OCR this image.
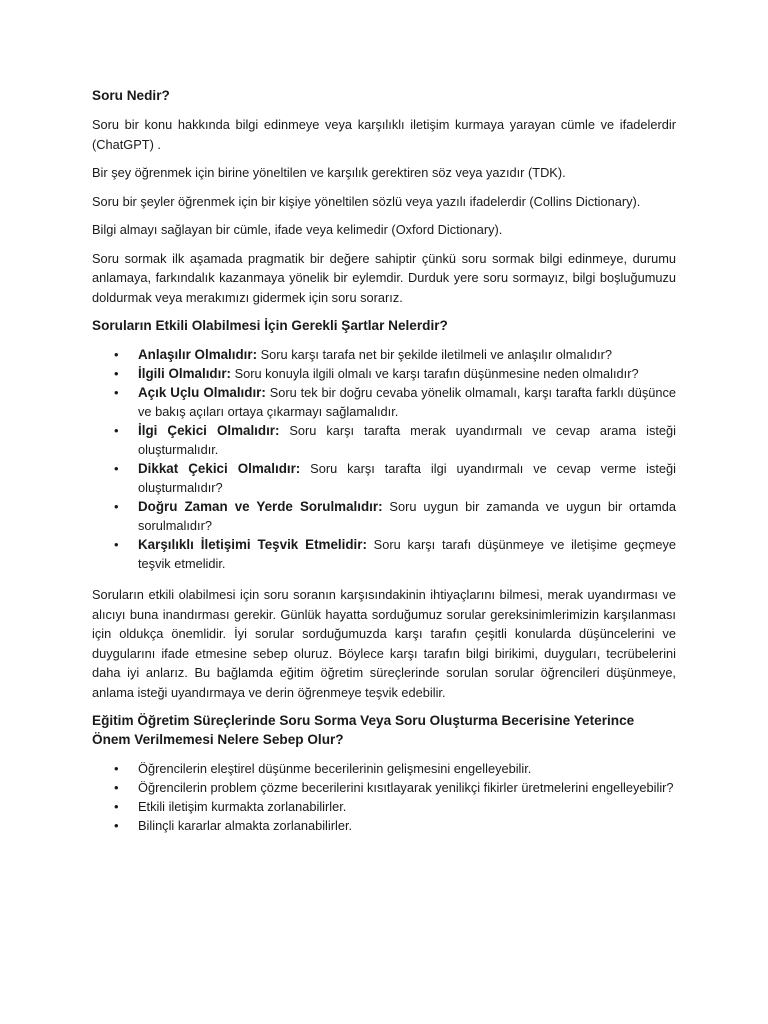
Soru Nedir?

Soru bir konu hakkında bilgi edinmeye veya karşılıklı iletişim kurmaya yarayan cümle ve ifadelerdir (ChatGPT) .

Bir şey öğrenmek için birine yöneltilen ve karşılık gerektiren söz veya yazıdır (TDK).

Soru bir şeyler öğrenmek için bir kişiye yöneltilen sözlü veya yazılı ifadelerdir (Collins Dictionary).

Bilgi almayı sağlayan bir cümle, ifade veya kelimedir (Oxford Dictionary).

Soru sormak ilk aşamada pragmatik bir değere sahiptir çünkü soru sormak bilgi edinmeye, durumu anlamaya, farkındalık kazanmaya yönelik bir eylemdir. Durduk yere soru sormayız, bilgi boşluğumuzu doldurmak veya merakımızı gidermek için soru sorarız.

Soruların Etkili Olabilmesi İçin Gerekli Şartlar Nelerdir?
• Anlaşılır Olmalıdır: Soru karşı tarafa net bir şekilde iletilmeli ve anlaşılır olmalıdır?
• İlgili Olmalıdır: Soru konuyla ilgili olmalı ve karşı tarafın düşünmesine neden olmalıdır?
• Açık Uçlu Olmalıdır: Soru tek bir doğru cevaba yönelik olmamalı, karşı tarafta farklı düşünce ve bakış açıları ortaya çıkarmayı sağlamalıdır.
• İlgi Çekici Olmalıdır: Soru karşı tarafta merak uyandırmalı ve cevap arama isteği oluşturmalıdır.
• Dikkat Çekici Olmalıdır: Soru karşı tarafta ilgi uyandırmalı ve cevap verme isteği oluşturmalıdır?
• Doğru Zaman ve Yerde Sorulmalıdır: Soru uygun bir zamanda ve uygun bir ortamda sorulmalıdır?
• Karşılıklı İletişimi Teşvik Etmelidir: Soru karşı tarafı düşünmeye ve iletişime geçmeye teşvik etmelidir.

Soruların etkili olabilmesi için soru soranın karşısındakinin ihtiyaçlarını bilmesi, merak uyandırması ve alıcıyı buna inandırması gerekir. Günlük hayatta sorduğumuz sorular gereksinimlerimizin karşılanması için oldukça önemlidir. İyi sorular sorduğumuzda karşı tarafın çeşitli konularda düşüncelerini ve duygularını ifade etmesine sebep oluruz. Böylece karşı tarafın bilgi birikimi, duyguları, tecrübelerini daha iyi anlarız. Bu bağlamda eğitim öğretim süreçlerinde sorulan sorular öğrencileri düşünmeye, anlama isteği uyandırmaya ve derin öğrenmeye teşvik edebilir.

Eğitim Öğretim Süreçlerinde Soru Sorma Veya Soru Oluşturma Becerisine Yeterince Önem Verilmemesi Nelere Sebep Olur?
• Öğrencilerin eleştirel düşünme becerilerinin gelişmesini engelleyebilir.
• Öğrencilerin problem çözme becerilerini kısıtlayarak yenilikçi fikirler üretmelerini engelleyebilir?
• Etkili iletişim kurmakta zorlanabilirler.
• Bilinçli kararlar almakta zorlanabilirler.
